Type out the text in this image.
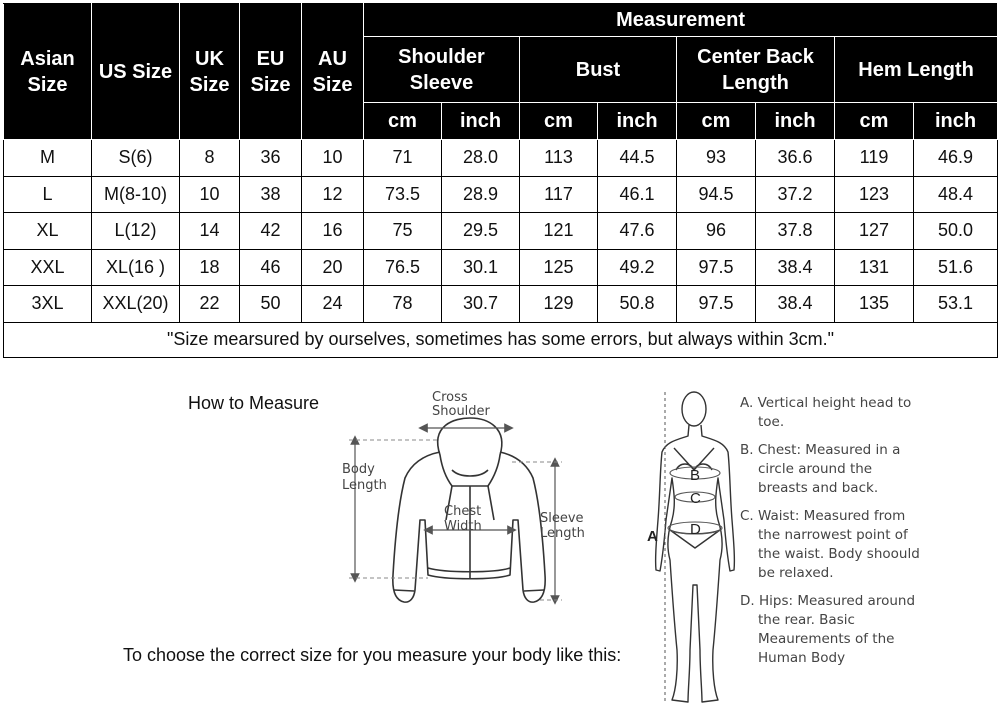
Asian Size	US Size	UK Size	EU Size	AU Size	Measurement							
					Shoulder Sleeve		Bust		Center Back Length		Hem Length	
					cm	inch	cm	inch	cm	inch	cm	inch
M	S(6)	8	36	10	71	28.0	113	44.5	93	36.6	119	46.9
L	M(8-10)	10	38	12	73.5	28.9	117	46.1	94.5	37.2	123	48.4
XL	L(12)	14	42	16	75	29.5	121	47.6	96	37.8	127	50.0
XXL	XL(16 )	18	46	20	76.5	30.1	125	49.2	97.5	38.4	131	51.6
3XL	XXL(20)	22	50	24	78	30.7	129	50.8	97.5	38.4	135	53.1
"Size mearsured by ourselves, sometimes has some errors, but always within 3cm."												
How to Measure
To choose the correct size for you measure your body like this:
Cross
Shoulder
Body
Length
Chest
Width
Sleeve
Length	A
B
C
D

A. Vertical height head to toe.

B. Chest: Measured in a circle around the breasts and back.

C. Waist: Measured from the narrowest point of the waist. Body shoould be relaxed.

D. Hips: Measured around the rear. Basic Meaurements of the Human Body
